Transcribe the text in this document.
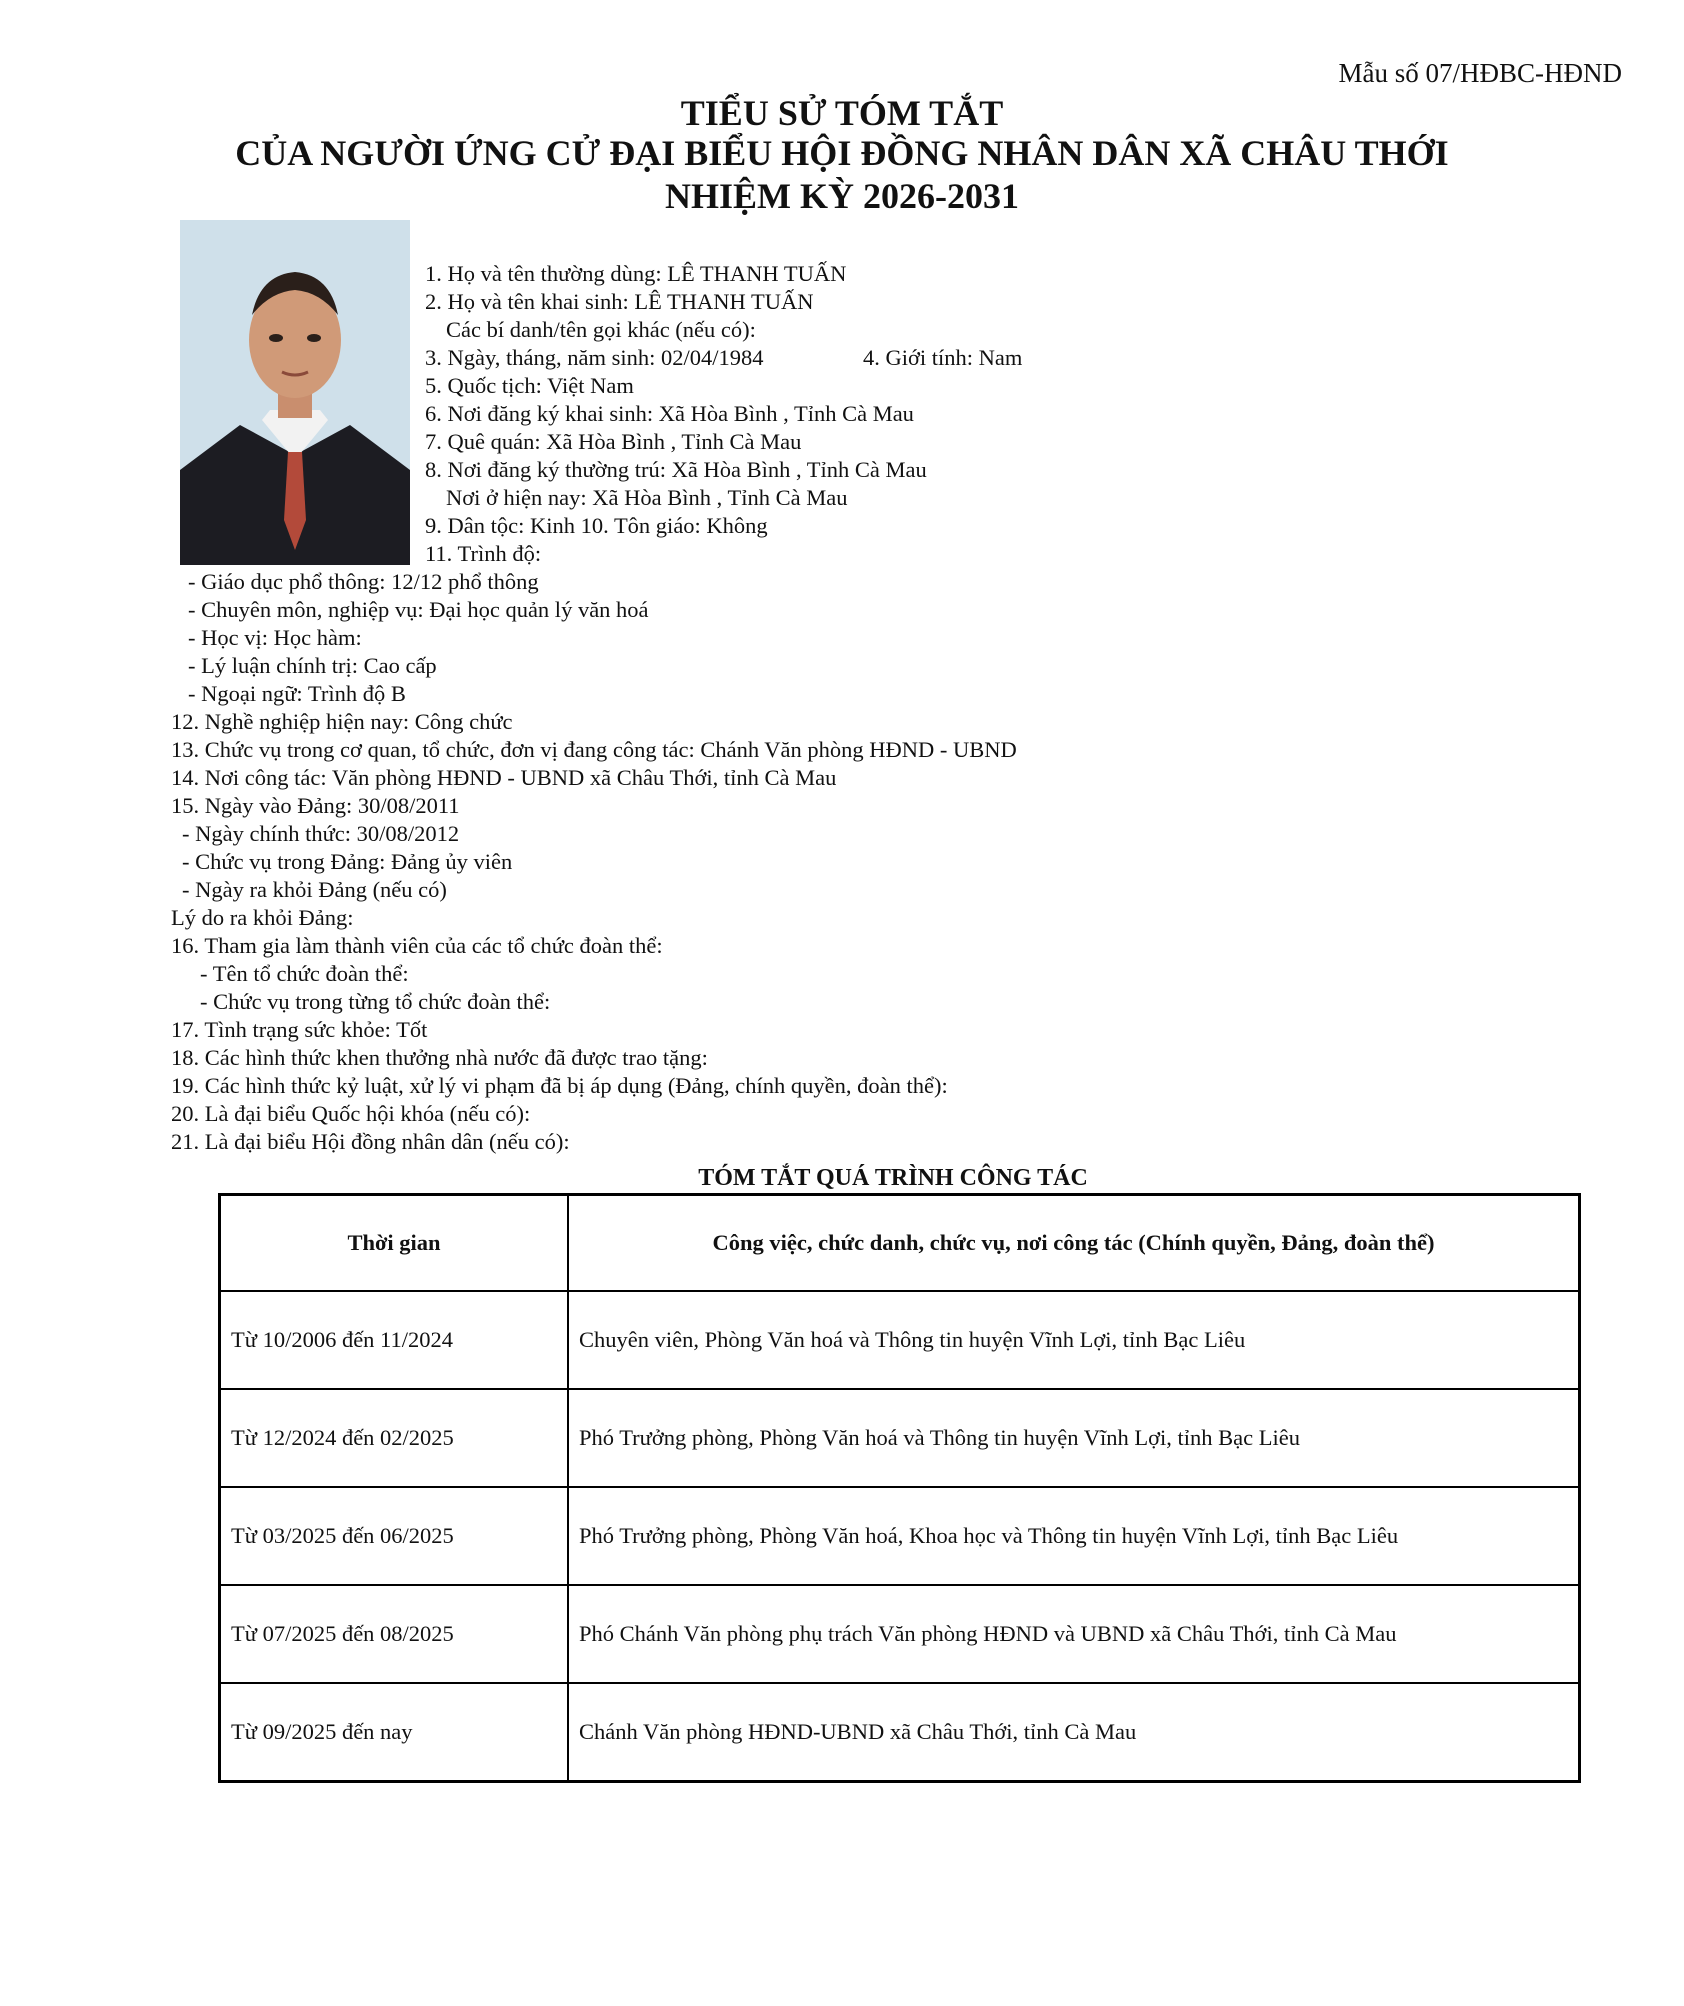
Mẫu số 07/HĐBC-HĐND
TIỂU SỬ TÓM TẮT
CỦA NGƯỜI ỨNG CỬ ĐẠI BIỂU HỘI ĐỒNG NHÂN DÂN XÃ CHÂU THỚI
NHIỆM KỲ 2026-2031
1. Họ và tên thường dùng: LÊ THANH TUẤN
2. Họ và tên khai sinh: LÊ THANH TUẤN
Các bí danh/tên gọi khác (nếu có):
3. Ngày, tháng, năm sinh: 02/04/1984	4. Giới tính: Nam
5. Quốc tịch: Việt Nam
6. Nơi đăng ký khai sinh: Xã Hòa Bình , Tỉnh Cà Mau
7. Quê quán: Xã Hòa Bình , Tỉnh Cà Mau
8. Nơi đăng ký thường trú: Xã Hòa Bình , Tỉnh Cà Mau
Nơi ở hiện nay: Xã Hòa Bình , Tỉnh Cà Mau
9. Dân tộc: Kinh 10. Tôn giáo: Không
11. Trình độ:
- Giáo dục phổ thông: 12/12 phổ thông
- Chuyên môn, nghiệp vụ: Đại học quản lý văn hoá
- Học vị: Học hàm:
- Lý luận chính trị: Cao cấp
- Ngoại ngữ: Trình độ B
12. Nghề nghiệp hiện nay: Công chức
13. Chức vụ trong cơ quan, tổ chức, đơn vị đang công tác: Chánh Văn phòng HĐND - UBND
14. Nơi công tác: Văn phòng HĐND - UBND xã Châu Thới, tỉnh Cà Mau
15. Ngày vào Đảng: 30/08/2011
- Ngày chính thức: 30/08/2012
- Chức vụ trong Đảng: Đảng ủy viên
- Ngày ra khỏi Đảng (nếu có)
Lý do ra khỏi Đảng:
16. Tham gia làm thành viên của các tổ chức đoàn thể:
- Tên tổ chức đoàn thể:
- Chức vụ trong từng tổ chức đoàn thể:
17. Tình trạng sức khỏe: Tốt
18. Các hình thức khen thưởng nhà nước đã được trao tặng:
19. Các hình thức kỷ luật, xử lý vi phạm đã bị áp dụng (Đảng, chính quyền, đoàn thể):
20. Là đại biểu Quốc hội khóa (nếu có):
21. Là đại biểu Hội đồng nhân dân (nếu có):
TÓM TẮT QUÁ TRÌNH CÔNG TÁC
Thời gian	Công việc, chức danh, chức vụ, nơi công tác (Chính quyền, Đảng, đoàn thể)
Từ 10/2006 đến 11/2024	Chuyên viên, Phòng Văn hoá và Thông tin huyện Vĩnh Lợi, tỉnh Bạc Liêu
Từ 12/2024 đến 02/2025	Phó Trưởng phòng, Phòng Văn hoá và Thông tin huyện Vĩnh Lợi, tỉnh Bạc Liêu
Từ 03/2025 đến 06/2025	Phó Trưởng phòng, Phòng Văn hoá, Khoa học và Thông tin huyện Vĩnh Lợi, tỉnh Bạc Liêu
Từ 07/2025 đến 08/2025	Phó Chánh Văn phòng phụ trách Văn phòng HĐND và UBND xã Châu Thới, tỉnh Cà Mau
Từ 09/2025 đến nay	Chánh Văn phòng HĐND-UBND xã Châu Thới, tỉnh Cà Mau
